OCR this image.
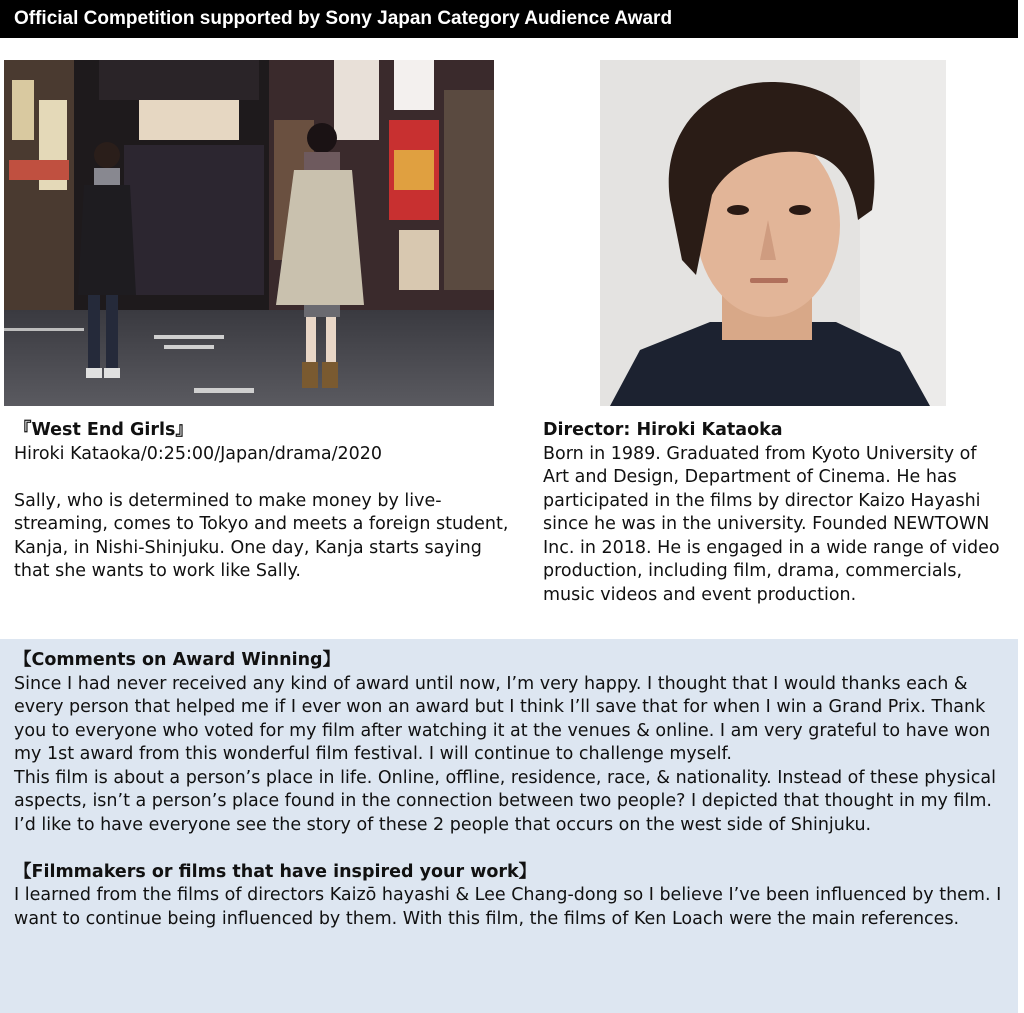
Official Competition supported by Sony Japan Category Audience Award
『West End Girls』
Hiroki Kataoka/0:25:00/Japan/drama/2020
Sally, who is determined to make money by live-streaming, comes to Tokyo and meets a foreign student, Kanja, in Nishi-Shinjuku. One day, Kanja starts saying that she wants to work like Sally.
Director: Hiroki Kataoka
Born in 1989. Graduated from Kyoto University of Art and Design, Department of Cinema. He has participated in the films by director Kaizo Hayashi since he was in the university. Founded NEWTOWN Inc. in 2018. He is engaged in a wide range of video production, including film, drama, commercials, music videos and event production.
【Comments on Award Winning】

Since I had never received any kind of award until now, I’m very happy. I thought that I would thanks each & every person that helped me if I ever won an award but I think I’ll save that for when I win a Grand Prix. Thank you to everyone who voted for my film after watching it at the venues & online. I am very grateful to have won my 1st award from this wonderful film festival. I will continue to challenge myself.

This film is about a person’s place in life. Online, offline, residence, race, & nationality. Instead of these physical aspects, isn’t a person’s place found in the connection between two people? I depicted that thought in my film. I’d like to have everyone see the story of these 2 people that occurs on the west side of Shinjuku.

【Filmmakers or films that have inspired your work】

I learned from the films of directors Kaizō hayashi & Lee Chang-dong so I believe I’ve been influenced by them. I want to continue being influenced by them. With this film, the films of Ken Loach were the main references.
